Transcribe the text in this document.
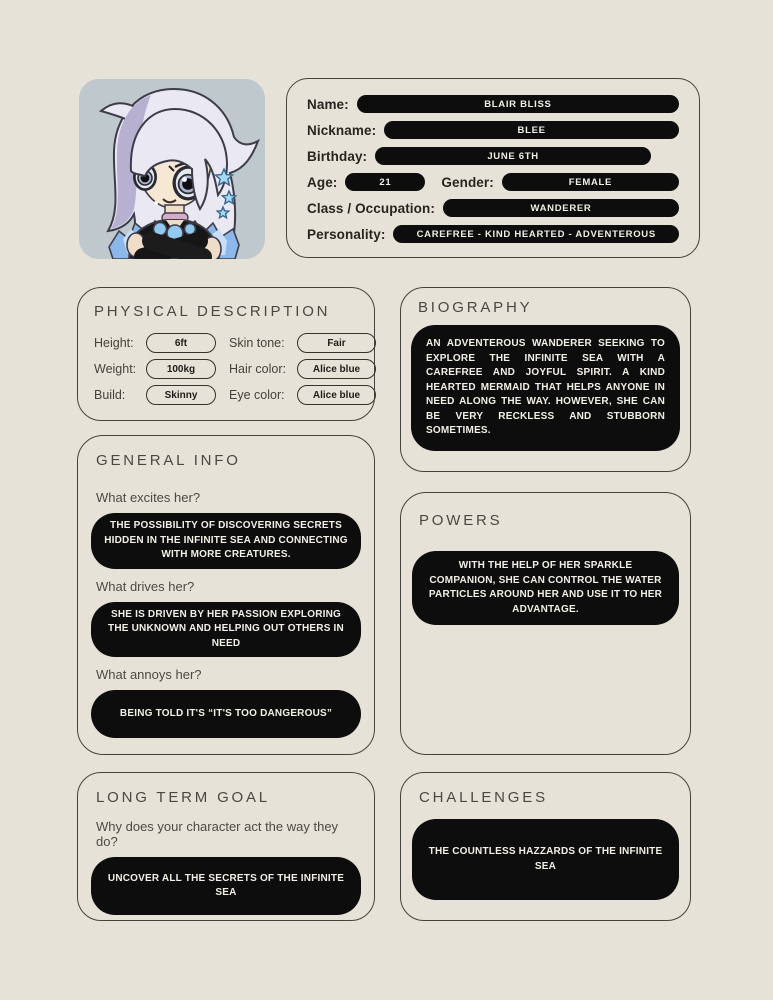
Name:	BLAIR BLISS
Nickname:	BLEE
Birthday:	JUNE 6TH
Age:	21	Gender:	FEMALE
Class / Occupation:	WANDERER
Personality:	CAREFREE - KIND HEARTED - ADVENTEROUS
PHYSICAL DESCRIPTION
Height:	6ft	Skin tone:	Fair
Weight:	100kg	Hair color:	Alice blue
Build:	Skinny	Eye color:	Alice blue
BIOGRAPHY
AN ADVENTEROUS WANDERER SEEKING TO EXPLORE THE INFINITE SEA WITH A CAREFREE AND JOYFUL SPIRIT. A KIND HEARTED MERMAID THAT HELPS ANYONE IN NEED ALONG THE WAY. HOWEVER, SHE CAN BE VERY RECKLESS AND STUBBORN SOMETIMES.
GENERAL INFO
What excites her?
THE POSSIBILITY OF DISCOVERING SECRETS HIDDEN IN THE INFINITE SEA AND CONNECTING WITH MORE CREATURES.
What drives her?
SHE IS DRIVEN BY HER PASSION EXPLORING THE UNKNOWN AND HELPING OUT OTHERS IN NEED
What annoys her?
BEING TOLD IT'S “IT'S TOO DANGEROUS”
POWERS
WITH THE HELP OF HER SPARKLE COMPANION, SHE CAN CONTROL THE WATER PARTICLES AROUND HER AND USE IT TO HER ADVANTAGE.
LONG TERM GOAL
Why does your character act the way they do?
UNCOVER ALL THE SECRETS OF THE INFINITE SEA
CHALLENGES
THE COUNTLESS HAZZARDS OF THE INFINITE SEA
